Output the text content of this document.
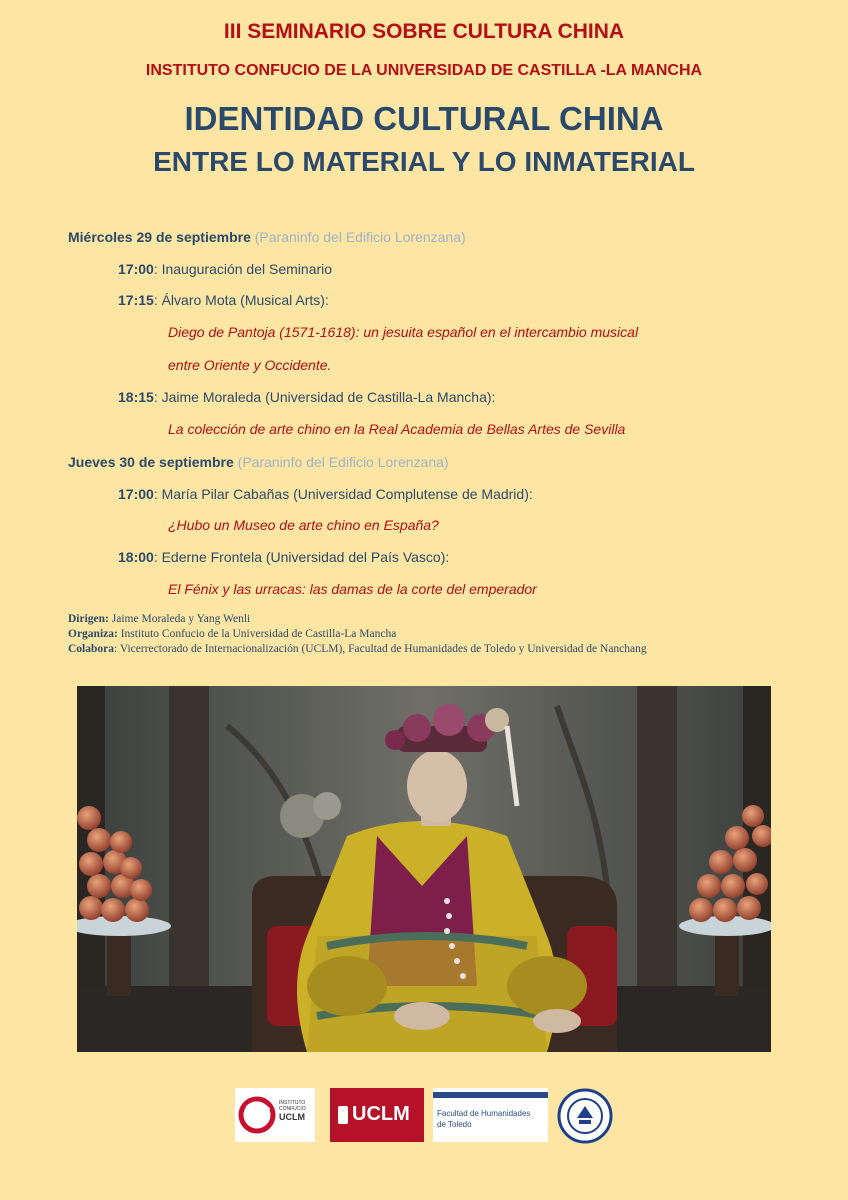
III SEMINARIO SOBRE CULTURA CHINA
INSTITUTO CONFUCIO DE LA UNIVERSIDAD DE CASTILLA -LA MANCHA
IDENTIDAD CULTURAL CHINA
ENTRE LO MATERIAL Y LO INMATERIAL
Miércoles 29 de septiembre (Paraninfo del Edificio Lorenzana)
17:00: Inauguración del Seminario
17:15: Álvaro Mota (Musical Arts):
Diego de Pantoja (1571-1618): un jesuita español en el intercambio musical
entre Oriente y Occidente.
18:15: Jaime Moraleda (Universidad de Castilla-La Mancha):
La colección de arte chino en la Real Academia de Bellas Artes de Sevilla
Jueves 30 de septiembre (Paraninfo del Edificio Lorenzana)
17:00: María Pilar Cabañas (Universidad Complutense de Madrid):
¿Hubo un Museo de arte chino en España?
18:00: Ederne Frontela (Universidad del País Vasco):
El Fénix y las urracas: las damas de la corte del emperador
Dirigen: Jaime Moraleda y Yang Wenli
Organiza: Instituto Confucio de la Universidad de Castilla-La Mancha
Colabora: Vicerrectorado de Internacionalización (UCLM), Facultad de Humanidades de Toledo y Universidad de Nanchang
INSTITUTO
CONFUCIO
UCLM UCLM	Facultad de Humanidades
de Toledo
